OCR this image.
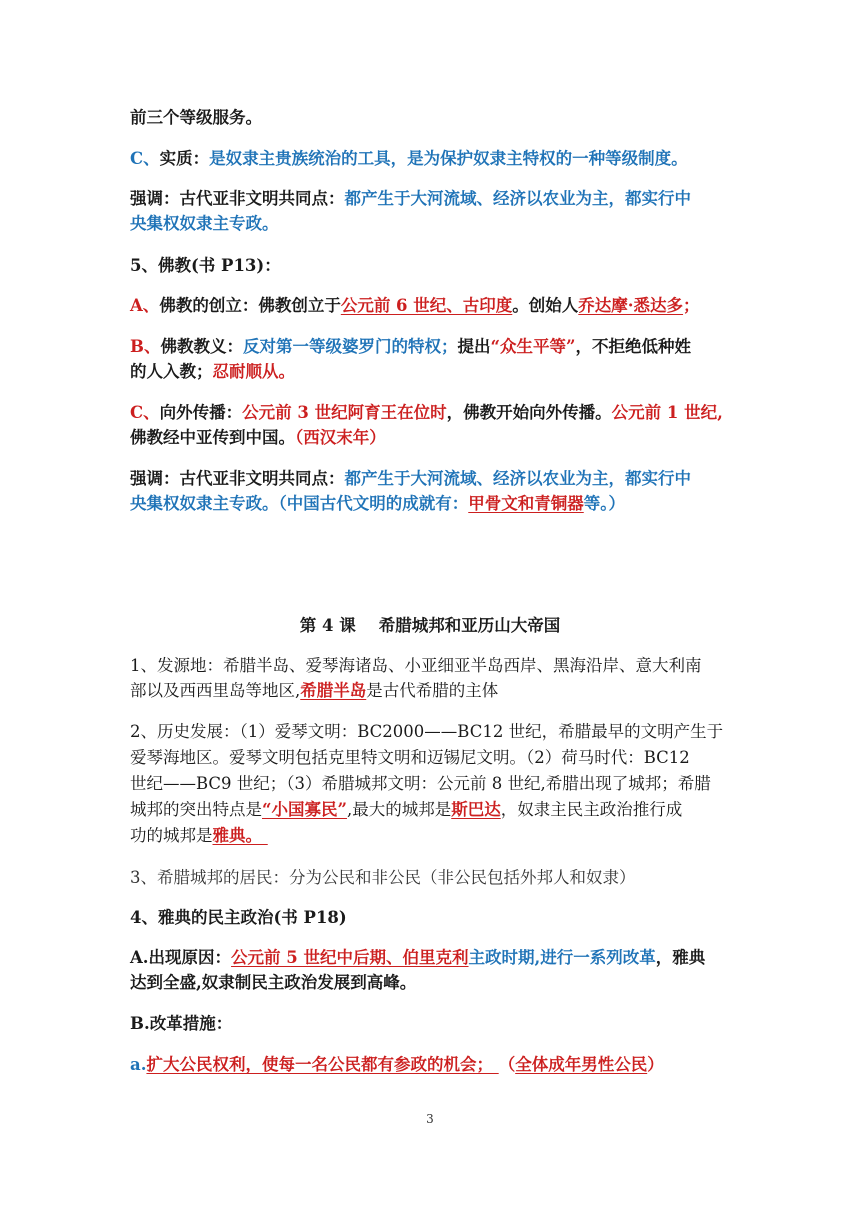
前三个等级服务。
C、实质：是奴隶主贵族统治的工具，是为保护奴隶主特权的一种等级制度。
强调：古代亚非文明共同点：都产生于大河流域、经济以农业为主，都实行中
央集权奴隶主专政。
5、佛教(书 P13)：
A、佛教的创立：佛教创立于公元前 6 世纪、古印度。创始人乔达摩·悉达多；
B、佛教教义：反对第一等级婆罗门的特权；提出“众生平等”，不拒绝低种姓
的人入教；忍耐顺从。
C、向外传播：公元前 3 世纪阿育王在位时，佛教开始向外传播。公元前 1 世纪,
佛教经中亚传到中国。（西汉末年）
强调：古代亚非文明共同点：都产生于大河流域、经济以农业为主，都实行中
央集权奴隶主专政。（中国古代文明的成就有：甲骨文和青铜器等。）
第 4 课    希腊城邦和亚历山大帝国
1、发源地：希腊半岛、爱琴海诸岛、小亚细亚半岛西岸、黑海沿岸、意大利南
部以及西西里岛等地区,希腊半岛是古代希腊的主体
2、历史发展：（1）爱琴文明：BC2000——BC12 世纪，希腊最早的文明产生于
爱琴海地区。爱琴文明包括克里特文明和迈锡尼文明。（2）荷马时代：BC12
世纪——BC9 世纪；（3）希腊城邦文明：公元前 8 世纪,希腊出现了城邦；希腊
城邦的突出特点是“小国寡民”,最大的城邦是斯巴达，奴隶主民主政治推行成
功的城邦是雅典。
3、希腊城邦的居民：分为公民和非公民（非公民包括外邦人和奴隶）
4、雅典的民主政治(书 P18)
A.出现原因：公元前 5 世纪中后期、伯里克利主政时期,进行一系列改革，雅典
达到全盛,奴隶制民主政治发展到高峰。
B.改革措施：
a.扩大公民权利，使每一名公民都有参政的机会； （全体成年男性公民）
3
